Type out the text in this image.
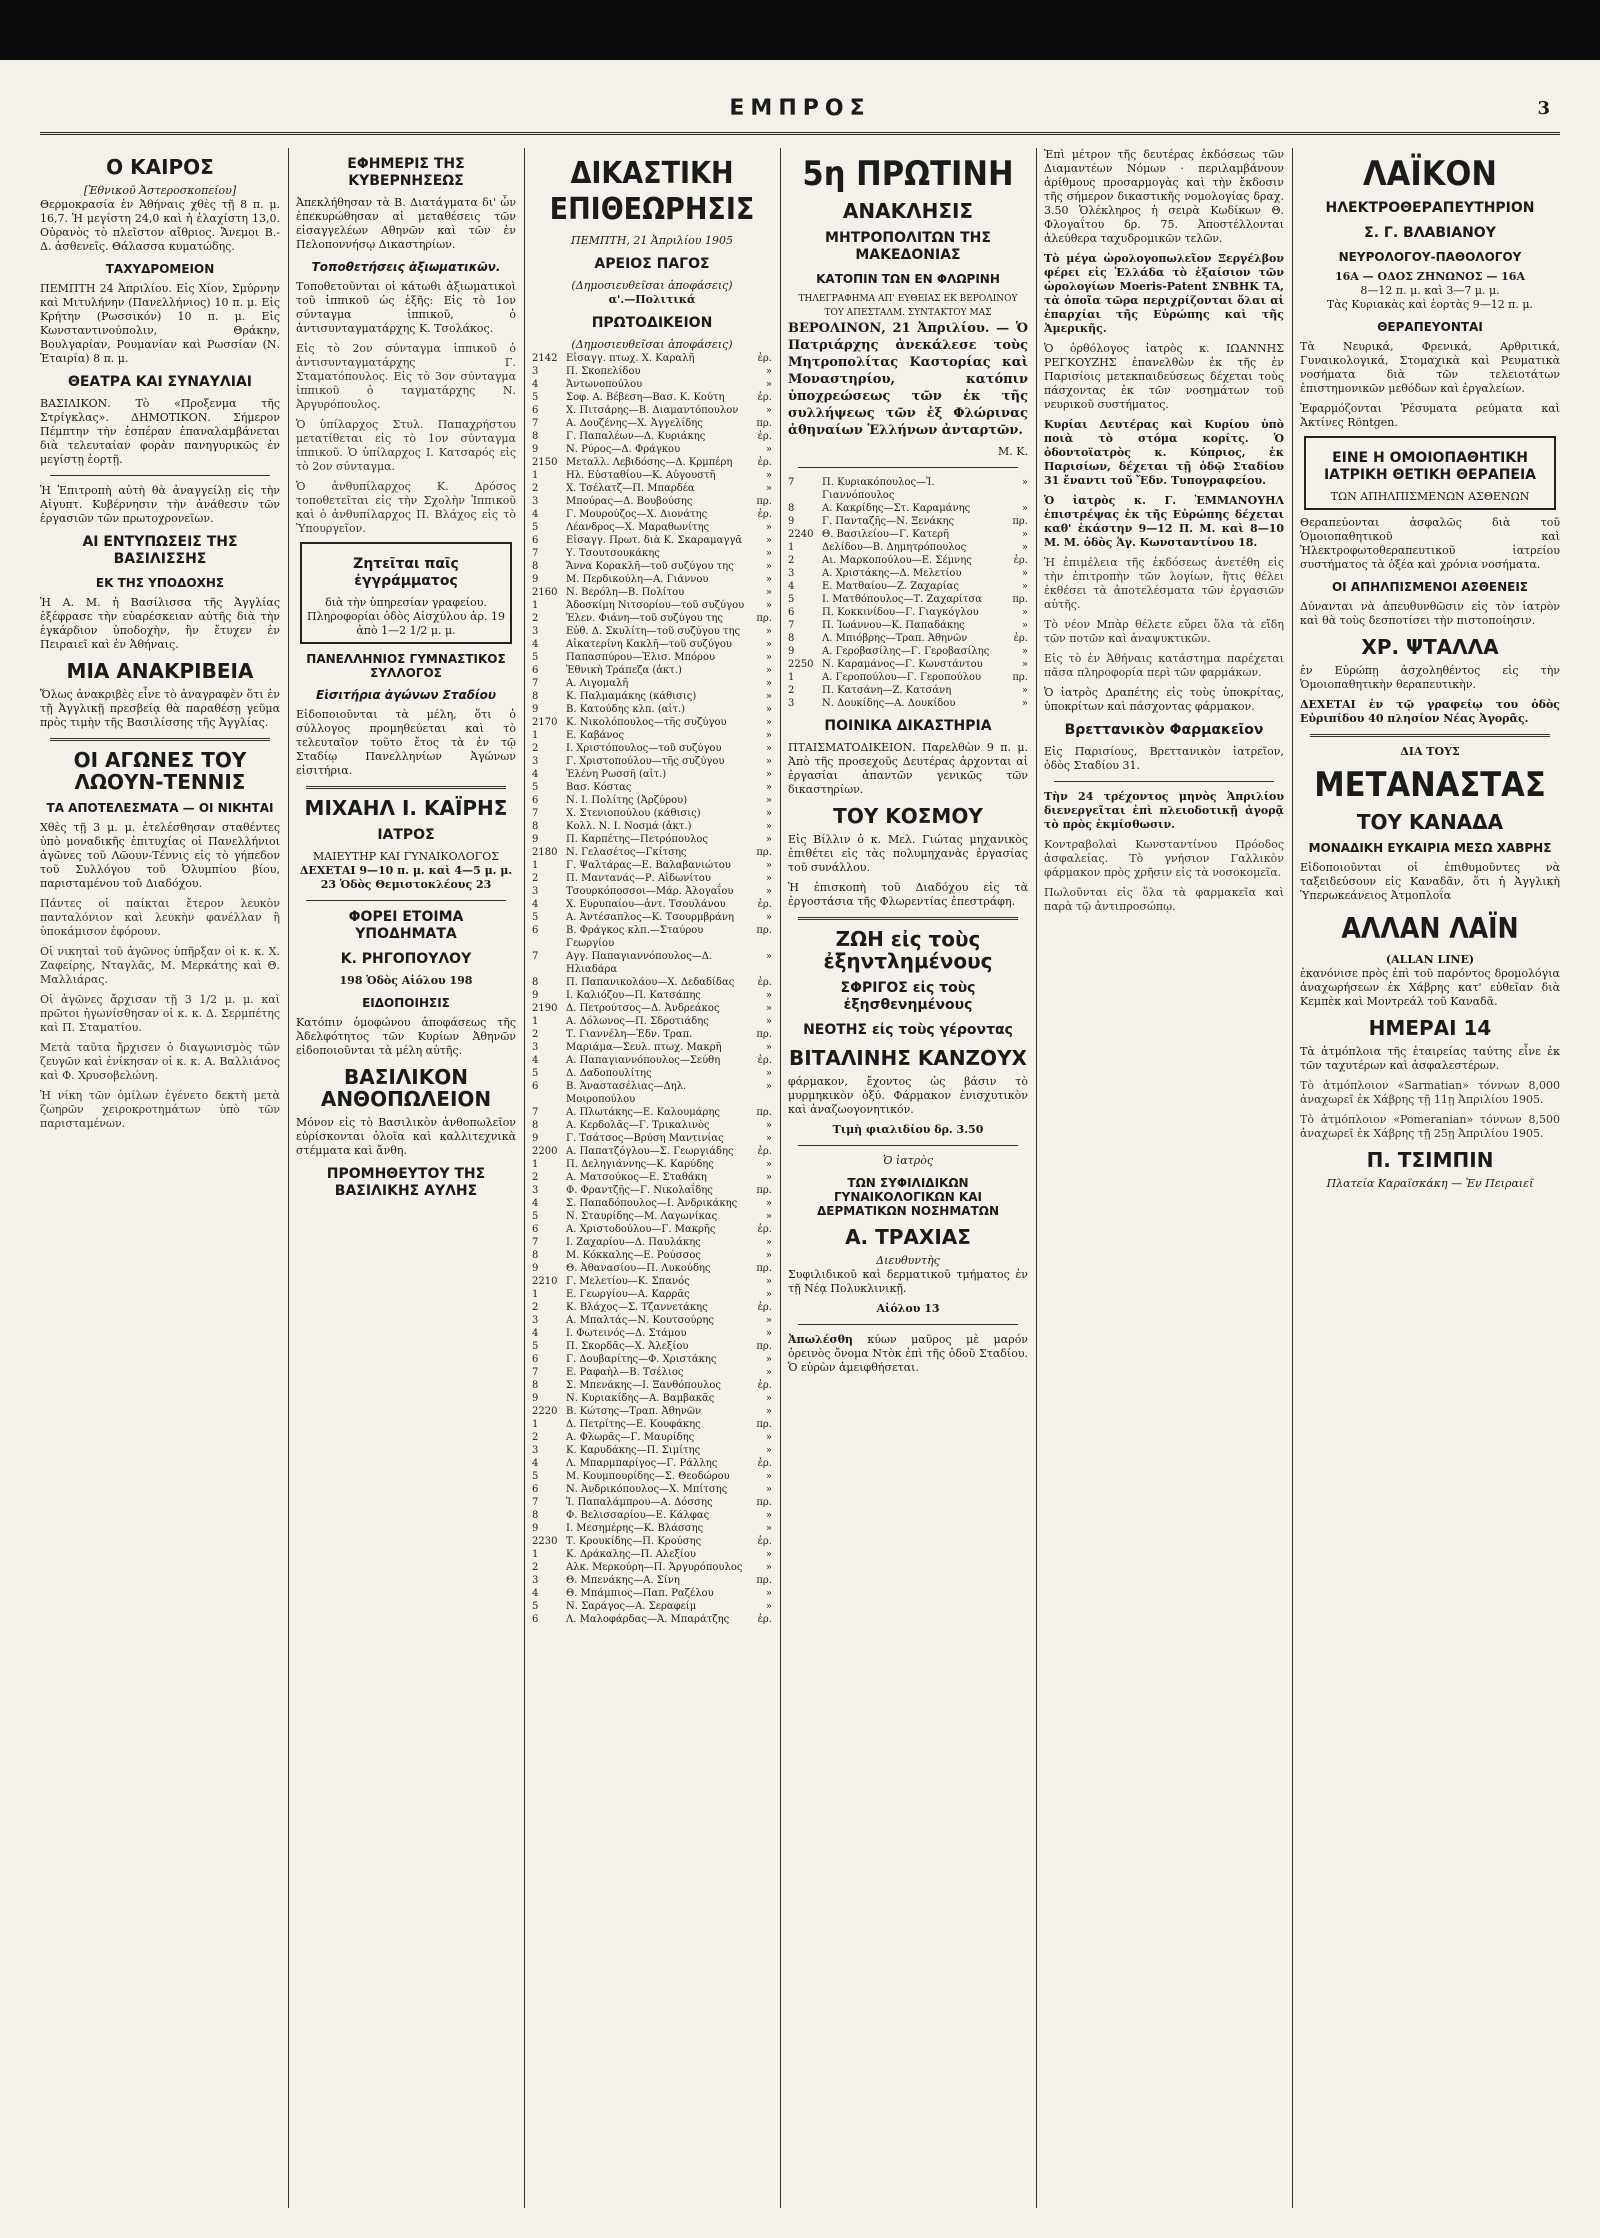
ΕΜΠΡΟΣ	3
Ο ΚΑΙΡΟΣ
[Ἐθνικοῦ Ἀστεροσκοπείου]

Θερμοκρασία ἐν Ἀθήναις χθὲς τῇ 8 π. μ. 16,7. Ἡ μεγίστη 24,0 καὶ ἡ ἐλαχίστη 13,0. Οὐρανὸς τὸ πλεῖστον αἴθριος. Ἄνεμοι Β.-Δ. ἀσθενεῖς. Θάλασσα κυματώδης.

ΤΑΧΥΔΡΟΜΕΙΟΝ

ΠΕΜΠΤΗ 24 Ἀπριλίου. Εἰς Χίον, Σμύρνην καὶ Μιτυλήνην (Πανελλήνιος) 10 π. μ. Εἰς Κρήτην (Ρωσσικόν) 10 π. μ. Εἰς Κωνσταντινούπολιν, Θράκην, Βουλγαρίαν, Ρουμανίαν καὶ Ρωσσίαν (Ν. Ἑταιρία) 8 π. μ.

ΘΕΑΤΡΑ ΚΑΙ ΣΥΝΑΥΛΙΑΙ

ΒΑΣΙΛΙΚΟΝ. Τὸ «Προξενμα τῆς Στρίγκλας». ΔΗΜΟΤΙΚΟΝ. Σήμερον Πέμπτην τὴν ἑσπέραν ἐπαναλαμβάνεται διὰ τελευταίαν φορὰν πανηγυρικῶς ἐν μεγίστῃ ἑορτῇ.

Ἡ Ἐπιτροπὴ αὐτὴ θὰ ἀναγγείλῃ εἰς τὴν Αἰγυπτ. Κυβέρνησιν τὴν ἀνάθεσιν τῶν ἐργασιῶν τῶν πρωτοχρονεῖων.

ΑΙ ΕΝΤΥΠΩΣΕΙΣ ΤΗΣ ΒΑΣΙΛΙΣΣΗΣ
ΕΚ ΤΗΣ ΥΠΟΔΟΧΗΣ

Ἡ Α. Μ. ἡ Βασίλισσα τῆς Ἀγγλίας ἐξέφρασε τὴν εὐαρέσκειαν αὐτῆς διὰ τὴν ἐγκάρδιον ὑποδοχὴν, ἣν ἔτυχεν ἐν Πειραιεῖ καὶ ἐν Ἀθήναις.

ΜΙΑ ΑΝΑΚΡΙΒΕΙΑ

Ὅλως ἀνακριβὲς εἶνε τὸ ἀναγραφὲν ὅτι ἐν τῇ Ἀγγλικῇ πρεσβείᾳ θὰ παραθέσῃ γεῦμα πρὸς τιμὴν τῆς Βασιλίσσης τῆς Ἀγγλίας.

ΟΙ ΑΓΩΝΕΣ ΤΟΥ ΛΩΟΥΝ-ΤΕΝΝΙΣ
ΤΑ ΑΠΟΤΕΛΕΣΜΑΤΑ — ΟΙ ΝΙΚΗΤΑΙ

Χθὲς τῇ 3 μ. μ. ἐτελέσθησαν σταθέντες ὑπὸ μοναδικῆς ἐπιτυχίας οἱ Πανελλήνιοι ἀγῶνες τοῦ Λῶουν-Τέννις εἰς τὸ γήπεδον τοῦ Συλλόγου τοῦ Ὀλυμπίου βίου, παρισταμένου τοῦ Διαδόχου.

Πάντες οἱ παίκται ἔτερον λευκὸν πανταλόνιον καὶ λευκὴν φανέλλαν ἢ ὑποκάμισον ἐφόρουν.

Οἱ νικηταὶ τοῦ ἀγῶνος ὑπῆρξαν οἱ κ. κ. Χ. Ζαφείρης, Νταγλᾶς, Μ. Μερκάτης καὶ Θ. Μαλλιάρας.

Οἱ ἀγῶνες ἄρχισαν τῇ 3 1/2 μ. μ. καὶ πρῶτοι ἠγωνίσθησαν οἱ κ. κ. Δ. Σερμπέτης καὶ Π. Σταματίου.

Μετὰ ταῦτα ἤρχισεν ὁ διαγωνισμὸς τῶν ζευγῶν καὶ ἐνίκησαν οἱ κ. κ. Α. Βαλλιάνος καὶ Φ. Χρυσοβελώνη.

Ἡ νίκη τῶν ὁμίλων ἐγένετο δεκτὴ μετὰ ζωηρῶν χειροκροτημάτων ὑπὸ τῶν παρισταμένων.

ΕΦΗΜΕΡΙΣ ΤΗΣ ΚΥΒΕΡΝΗΣΕΩΣ

Ἀπεκλήθησαν τὰ Β. Διατάγματα δι' ὧν ἐπεκυρώθησαν αἱ μεταθέσεις τῶν εἰσαγγελέων Αθηνῶν καὶ τῶν ἐν Πελοποννήσῳ Δικαστηρίων.

Τοποθετήσεις ἀξιωματικῶν.

Τοποθετοῦνται οἱ κάτωθι ἀξιωματικοὶ τοῦ ἱππικοῦ ὡς ἑξῆς: Εἰς τὸ 1ον σύνταγμα ἱππικοῦ, ὁ ἀντισυνταγματάρχης Κ. Τσολάκος.

Εἰς τὸ 2ον σύνταγμα ἱππικοῦ ὁ ἀντισυνταγματάρχης Γ. Σταματόπουλος. Εἰς τὸ 3ον σύνταγμα ἱππικοῦ ὁ ταγματάρχης Ν. Ἀργυρόπουλος.

Ὁ ὑπίλαρχος Στυλ. Παπαχρήστου μετατίθεται εἰς τὸ 1ον σύνταγμα ἱππικοῦ. Ὁ ὑπίλαρχος Ι. Κατσαρός εἰς τὸ 2ον σύνταγμα.

Ὁ ἀνθυπίλαρχος Κ. Δρόσος τοποθετεῖται εἰς τὴν Σχολὴν Ἱππικοῦ καὶ ὁ ἀνθυπίλαρχος Π. Βλάχος εἰς τὸ Ὑπουργεῖον.

Ζητεῖται παῖς ἐγγράμματος
διὰ τὴν ὑπηρεσίαν γραφείου. Πληροφορίαι ὁδὸς Αἰσχύλου ἀρ. 19 ἀπὸ 1—2 1/2 μ. μ.
ΠΑΝΕΛΛΗΝΙΟΣ ΓΥΜΝΑΣΤΙΚΟΣ ΣΥΛΛΟΓΟΣ
Εἰσιτήρια ἀγώνων Σταδίου

Εἰδοποιοῦνται τὰ μέλη, ὅτι ὁ σύλλογος προμηθεύεται καὶ τὸ τελευταῖον τοῦτο ἔτος τὰ ἐν τῷ Σταδίῳ Πανελληνίων Ἀγώνων εἰσιτήρια.

ΜΙΧΑΗΛ Ι. ΚΑΪΡΗΣ
ΙΑΤΡΟΣ
ΜΑΙΕΥΤΗΡ ΚΑΙ ΓΥΝΑΙΚΟΛΟΓΟΣ
ΔΕΧΕΤΑΙ 9—10 π. μ. καὶ 4—5 μ. μ.
23 Ὁδὸς Θεμιστοκλέους 23
ΦΟΡΕΙ ΕΤΟΙΜΑ ΥΠΟΔΗΜΑΤΑ
Κ. ΡΗΓΟΠΟΥΛΟΥ
198 Ὁδὸς Αἰόλου 198
ΕΙΔΟΠΟΙΗΣΙΣ

Κατόπιν ὁμοφώνου ἀποφάσεως τῆς Ἀδελφότητος τῶν Κυρίων Ἀθηνῶν εἰδοποιοῦνται τὰ μέλη αὐτῆς.

ΒΑΣΙΛΙΚΟΝ ΑΝΘΟΠΩΛΕΙΟΝ

Μόνον εἰς τὸ Βασιλικὸν ἀνθοπωλεῖον εὑρίσκονται ὁλοῖα καὶ καλλιτεχνικὰ στέμματα καὶ ἄνθη.

ΠΡΟΜΗΘΕΥΤΟΥ ΤΗΣ ΒΑΣΙΛΙΚΗΣ ΑΥΛΗΣ
ΔΙΚΑΣΤΙΚΗ ΕΠΙΘΕΩΡΗΣΙΣ
ΠΕΜΠΤΗ, 21 Ἀπριλίου 1905
ΑΡΕΙΟΣ ΠΑΓΟΣ
(Δημοσιευθεῖσαι ἀποφάσεις)
α'.—Πολιτικά
ΠΡΩΤΟΔΙΚΕΙΟΝ
(Δημοσιευθεῖσαι ἀποφάσεις)
2142 Εἰσαγγ. πτωχ. Χ. Καραλῆ	ἐρ.
3	Π. Σκοπελίδου	»
4	Ἀντωνοπούλου	»
5	Σοφ. Α. Βέβεση—Βασ. Κ. Κούτη	ἐρ.
6	Χ. Πιτσάρης—Β. Διαμαντόπουλον	»
7	Α. Δουζένης—Χ. Ἀγγελίδης	πρ.
8	Γ. Παπαλέων—Δ. Κυριάκης	ἐρ.
9	Ν. Ρύρος—Δ. Φράγκου	»
2150 Μεταλλ. Λεβιδόσης—Δ. Κρμπέρη	ἐρ.
1	Ηλ. Εὐσταθίου—Κ. Αὐγουστῆ	»
2	Χ. Τσέλατζ—Π. Μπαρδέα	»
3	Μπούρας—Δ. Βουβούσης	πρ.
4	Γ. Μουρούζος—Χ. Διονάτης	ἐρ.
5	Λέανδρος—Χ. Μαραθωνίτης	»
6	Εἰσαγγ. Πρωτ. διὰ Κ. Σκαραμαγγᾶ	»
7	Υ. Τσουτσουκάκης	»
8	Ἄννα Κορακλῆ—τοῦ συζύγου της	»
9	Μ. Περδικούλη—Α. Γιάννου	»
2160 Ν. Βερόλη—Β. Πολίτου	»
1	Ἀδοσκίμη Νιτσορίου—τοῦ συζύγου	»
2	Ἐλεν. Φιάνη—τοῦ συζύγου της	πρ.
3	Εὐθ. Δ. Σκυλίτη—τοῦ συζύγου της	»
4	Αἰκατερίνη Κακλῆ—τοῦ συζύγου	»
5	Παπασπύρου—Ἐλισ. Μπόρου	»
6	Ἐθνικὴ Τράπεζα (ἀκτ.)	»
7	Α. Λιγομαλῆ	»
8	Κ. Παλμαμάκης (κάθισις)	»
9	Β. Κατούδης κλπ. (αἰτ.)	»
2170 Κ. Νικολόπουλος—τῆς συζύγου	»
1	Ε. Καβάνος	»
2	Ι. Χριστόπουλος—τοῦ συζύγου	»
3	Γ. Χριστοπούλου—τῆς συζύγου	»
4	Ἐλένη Ρωσσῆ (αἰτ.)	»
5	Βασ. Κόστας	»
6	Ν. Ι. Πολίτης (Ἀρζύρου)	»
7	Χ. Στενιοπούλου (κάθισις)	»
8	Κολλ. Ν. Ι. Νοσμά (ἀκτ.)	»
9	Π. Καρπέτης—Πετρόπουλος	»
2180 Ν. Γελασέτος—Γκίτσης	πρ.
1	Γ. Ψαλτάρας—Ε. Βαλαβανιώτου	»
2	Π. Μαντανάς—Ρ. Αἰδωνίτου	»
3	Τσουρκόποσσοι—Μάρ. Ἀλογαΐου	»
4	Χ. Ευρυπαίου—ἀντ. Τσουλάνου	ἐρ.
5	Α. Ἀντέσαπλος—Κ. Τσουρμβράνη	»
6	Β. Φράγκος κλπ.—Σταύρου Γεωργίου
πρ.
7	Αγγ. Παπαγιαννόπουλος—Δ. Ηλιαδάρα
»
8	Π. Παπανικολάου—Χ. Δεδαδίδας	ἐρ.
9	Ι. Καλιόζου—Π. Κατσάπης	»
2190 Δ. Πετρούτσος—Δ. Ἀνδρεάκος	»
1	Α. Δόλωνος—Π. Σδροτιάδης	»
2	Τ. Γιαννέλη—Ἐδν. Τραπ.	πρ.
3	Μαριάμα—Σευλ. πτωχ. Μακρῆ	»
4	Α. Παπαγιαννόπουλος—Σεύθη	ἐρ.
5	Δ. Δαδοπουλίτης	»
6	Β. Ἀναστασέλιας—Δηλ. Μοιροπούλου
»
7	Α. Πλωτάκης—Ε. Καλουμάρης	πρ.
8	Α. Κερδολᾶς—Γ. Τρικαλινὸς	»
9	Γ. Τσάτσος—Βρύση Μαντινίας	»
2200 Α. Παπατζόγλου—Σ. Γεωργιάδης	ἐρ.
1	Π. Δεληγιάννης—Κ. Καρύδης	»
2	Α. Ματσούκος—Ε. Σταθάκη	»
3	Φ. Φραντζῆς—Γ. Νικολαΐδης	πρ.
4	Σ. Παπαδόπουλος—Ι. Ἀνδρικάκης	»
5	Ν. Σταυρίδης—Μ. Λαγωνίκας	»
6	Α. Χριστοδούλου—Γ. Μακρῆς	ἐρ.
7	Ι. Ζαχαρίου—Δ. Παυλάκης	»
8	Μ. Κόκκαλης—Ε. Ρούσσος	»
9	Θ. Ἀθανασίου—Π. Λυκούδης	πρ.
2210 Γ. Μελετίου—Κ. Σπανός	»
1	Ε. Γεωργίου—Α. Καρρᾶς	»
2	Κ. Βλάχος—Σ. Τζαννετάκης	ἐρ.
3	Α. Μπαλτάς—Ν. Κουτσούρης	»
4	Ι. Φωτεινός—Δ. Στάμου	»
5	Π. Σκορδᾶς—Χ. Ἀλεξίου	πρ.
6	Γ. Δουβαρίτης—Φ. Χριστάκης	»
7	Ε. Ραφαὴλ—Β. Τσέλιος	»
8	Σ. Μπενάκης—Ι. Ξανθόπουλος	ἐρ.
9	Ν. Κυριακίδης—Α. Βαμβακᾶς	»
2220 Β. Κώτσης—Τραπ. Ἀθηνῶν	»
1	Δ. Πετρίτης—Ε. Κουφάκης	πρ.
2	Α. Φλωρᾶς—Γ. Μαυρίδης	»
3	Κ. Καρυδάκης—Π. Σιμίτης	»
4	Λ. Μπαρμπαρίγος—Γ. Ράλλης	ἐρ.
5	Μ. Κουμπουρίδης—Σ. Θεοδώρου	»
6	Ν. Ἀνδρικόπουλος—Χ. Μπίτσης	»
7	Ἰ. Παπαλάμπρου—Α. Δόσσης	πρ.
8	Φ. Βελισσαρίου—Ε. Κάλφας	»
9	Ι. Μεσημέρης—Κ. Βλάσσης	»
2230 Τ. Κρουκίδης—Π. Κρούσης	ἐρ.
1	Κ. Δράκαλης—Π. Αλεξίου	»
2	Αλκ. Μερκούρη—Π. Ἀργυρόπουλος	»
3	Θ. Μπενάκης—Α. Σίνη	πρ.
4	Θ. Μπάμπιος—Παπ. Ραζέλου	»
5	Ν. Σαράγος—Α. Σεραφείμ	»
6	Λ. Μαλοφάρδας—Ἀ. Μπαράτζης	ἐρ.
5η ΠΡΩΤΙΝΗ
ΑΝΑΚΛΗΣΙΣ
ΜΗΤΡΟΠΟΛΙΤΩΝ ΤΗΣ ΜΑΚΕΔΟΝΙΑΣ
ΚΑΤΟΠΙΝ ΤΩΝ ΕΝ ΦΛΩΡΙΝΗ
ΤΗΛΕΓΡΑΦΗΜΑ ΑΠ' ΕΥΘΕΙΑΣ ΕΚ ΒΕΡΟΛΙΝΟΥ
ΤΟΥ ΑΠΕΣΤΑΛΜ. ΣΥΝΤΑΚΤΟΥ ΜΑΣ

ΒΕΡΟΛΙΝΟΝ, 21 Ἀπριλίου. — Ὁ Πατριάρχης ἀνεκάλεσε τοὺς Μητροπολίτας Καστορίας καὶ Μοναστηρίου, κατόπιν ὑποχρεώσεως τῶν ἐκ τῆς συλλήψεως τῶν ἐξ Φλώρινας ἀθηναίων Ἑλλήνων ἀνταρτῶν.

Μ. Κ.
7	Π. Κυριακόπουλος—Ἰ. Γιαννόπουλος
»
8	Α. Κακρίδης—Στ. Καραμάνης	»
9	Γ. Πανταζῆς—Ν. Ξενάκης	πρ.
2240 Θ. Βασιλείου—Γ. Κατερῆ	»
1	Δελίδου—Β. Δημητρόπουλος	»
2	Αι. Μαρκοπούλου—Ε. Σέμνης	ἐρ.
3	Α. Χριστάκης—Δ. Μελετίου	»
4	Ε. Ματθαίου—Ζ. Ζαχαρίας	»
5	Ι. Ματθόπουλος—Τ. Ζαχαρίτσα	πρ.
6	Π. Κοκκινίδου—Γ. Γιαγκόγλου	»
7	Π. Ἰωάννου—Κ. Παπαδάκης	»
8	Λ. Μπιόβρης—Τραπ. Ἀθηνῶν	ἐρ.
9	Α. Γεροβασίλης—Γ. Γεροβασίλης	»
2250 Ν. Καραμάνος—Γ. Κωνστάντου	»
1	Α. Γεροπούλου—Γ. Γεροπούλου	πρ.
2	Π. Κατσάνη—Ζ. Κατσάνη	»
3	Ν. Δουκίδης—Α. Δουκίδου	»
ΠΟΙΝΙΚΑ ΔΙΚΑΣΤΗΡΙΑ

ΠΤΑΙΣΜΑΤΟΔΙΚΕΙΟΝ. Παρελθὼν 9 π. μ. Ἀπὸ τῆς προσεχοῦς Δευτέρας ἀρχονται αἱ ἐργασίαι ἀπαντῶν γενικῶς τῶν δικαστηρίων.

ΤΟΥ ΚΟΣΜΟΥ

Εἰς Βίλλιν ὁ κ. Μελ. Γιώτας μηχανικὸς ἐπιθέτει εἰς τὰς πολυμηχανὰς ἐργασίας τοῦ συνάλλου.

Ἡ ἐπισκοπὴ τοῦ Διαδόχου εἰς τὰ ἐργοστάσια τῆς Φλωρεντίας ἐπεστράφη.

ΖΩΗ εἰς τοὺς ἐξηντλημένους
ΣΦΡΙΓΟΣ εἰς τοὺς ἐξησθενημένους
ΝΕΟΤΗΣ εἰς τοὺς γέροντας
ΒΙΤΑΛΙΝΗΣ ΚΑΝΖΟΥΧ

φάρμακον, ἔχοντος ὡς βάσιν τὸ μυρμηκικὸν ὀξύ. Φάρμακον ἐνισχυτικὸν καὶ ἀναζωογονητικόν.

Τιμὴ φιαλιδίου δρ. 3.50
Ὁ ἰατρὸς
ΤΩΝ ΣΥΦΙΛΙΔΙΚΩΝ ΓΥΝΑΙΚΟΛΟΓΙΚΩΝ ΚΑΙ ΔΕΡΜΑΤΙΚΩΝ ΝΟΣΗΜΑΤΩΝ
Α. ΤΡΑΧΙΑΣ
Διευθυντὴς

Συφιλιδικοῦ καὶ δερματικοῦ τμήματος ἐν τῇ Νέᾳ Πολυκλινικῇ.

Αἰόλου 13

Ἀπωλέσθη κύων μαῦρος μὲ μαρόν ὀρεινὸς ὄνομα Ντὸκ ἐπὶ τῆς ὁδοῦ Σταδίου. Ὁ εὑρὼν ἀμειφθήσεται.

Ἐπὶ μέτρον τῆς δευτέρας ἐκδόσεως τῶν Διαμαντέων Νόμων · περιλαμβάνουν ἀρίθμους προσαρμογὰς καὶ τὴν ἔκδοσιν τῆς σήμερον δικαστικῆς νομολογίας δραχ. 3.50 Ὁλέκληρος ἡ σειρὰ Κωδίκων Θ. Φλογαΐτου δρ. 75. Ἀποστέλλονται ἀλεύθερα ταχυδρομικῶν τελῶν.

Τὸ μέγα ὡρολογοπωλεῖον Ξεργέλβον φέρει εἰς Ἑλλάδα τὸ ἐξαίσιον τῶν ὡρολογίων Moeris-Patent ΣΝΒΗΚ ΤΑ, τὰ ὁποῖα τῶρα περιχρίζονται ὅλαι αἱ ἐπαρχίαι τῆς Εὐρώπης καὶ τῆς Ἀμερικῆς.

Ὁ ὀρθόλογος ἰατρὸς κ. ΙΩΑΝΝΗΣ ΡΕΓΚΟΥΖΗΣ ἐπανελθὼν ἐκ τῆς ἐν Παρισίοις μετεκπαιδεύσεως δέχεται τοὺς πάσχοντας ἐκ τῶν νοσημάτων τοῦ νευρικοῦ συστήματος.

Κυρίαι Δευτέρας καὶ Κυρίου ὑπὸ ποιὰ τὸ στόμα κορίτς. Ὁ ὀδοντοϊατρὸς κ. Κύπριος, ἐκ Παρισίων, δέχεται τῇ ὀδῷ Σταδίου 31 ἔναντι τοῦ Ἔδν. Τυπογραφείου.

Ὁ ἰατρὸς κ. Γ. ἘΜΜΑΝΟΥΗΛ ἐπιστρέψας ἐκ τῆς Εὐρώπης δέχεται καθ' ἑκάστην 9—12 Π. Μ. καὶ 8—10 Μ. Μ. ὁδὸς Ἁγ. Κωνσταντίνου 18.

Ἡ ἐπιμέλεια τῆς ἐκδόσεως ἀνετέθη εἰς τὴν ἐπιτροπὴν τῶν λογίων, ἥτις θέλει ἐκθέσει τὰ ἀποτελέσματα τῶν ἐργασιῶν αὐτῆς.

Τὸ νέον Μπὰρ θέλετε εὕρει ὅλα τὰ εἴδη τῶν ποτῶν καὶ ἀναψυκτικῶν.

Εἰς τὸ ἐν Ἀθήναις κατάστημα παρέχεται πᾶσα πληροφορία περὶ τῶν φαρμάκων.

Ὁ ἰατρὸς Δραπέτης εἰς τοὺς ὑποκρίτας, ὑποκρίτων καὶ πάσχοντας φάρμακον.

Βρεττανικὸν Φαρμακεῖον

Εἰς Παρισίους, Βρεττανικὸν ἰατρεῖον, ὁδὸς Σταδίου 31.

Τὴν 24 τρέχοντος μηνὸς Ἀπριλίου διενεργεῖται ἐπὶ πλειοδοτικῇ ἀγορᾷ τὸ πρὸς ἐκμίσθωσιν.

Κοντραβολαὶ Κωνσταντίνου Πρόοδος ἀσφαλείας. Τὸ γνήσιον Γαλλικὸν φάρμακον πρὸς χρῆσιν εἰς τὰ νοσοκομεῖα.

Πωλοῦνται εἰς ὅλα τὰ φαρμακεῖα καὶ παρὰ τῷ ἀντιπροσώπῳ.

ΛΑΪΚΟΝ
ΗΛΕΚΤΡΟΘΕΡΑΠΕΥΤΗΡΙΟΝ
Σ. Γ. ΒΛΑΒΙΑΝΟΥ
ΝΕΥΡΟΛΟΓΟΥ-ΠΑΘΟΛΟΓΟΥ
16Α — ΟΔΟΣ ΖΗΝΩΝΟΣ — 16Α
8—12 π. μ. καὶ 3—7 μ. μ.
Τὰς Κυριακὰς καὶ ἑορτὰς 9—12 π. μ.
ΘΕΡΑΠΕΥΟΝΤΑΙ

Τὰ Νευρικά, Φρενικά, Αρθριτικά, Γυναικολογικά, Στομαχικὰ καὶ Ρευματικὰ νοσήματα διὰ τῶν τελειοτάτων ἐπιστημονικῶν μεθόδων καὶ ἐργαλείων.

Ἐφαρμόζονται Ῥέσυματα ρεύματα καὶ Ἀκτίνες Röntgen.

ΕΙΝΕ Η ΟΜΟΙΟΠΑΘΗΤΙΚΗ ΙΑΤΡΙΚΗ ΘΕΤΙΚΗ ΘΕΡΑΠΕΙΑ
ΤΩΝ ΑΠΗΛΠΙΣΜΕΝΩΝ ΑΣΘΕΝΩΝ

Θεραπεύονται ἀσφαλῶς διὰ τοῦ Ὁμοιοπαθητικοῦ καὶ Ἠλεκτροφωτοθεραπευτικοῦ ἰατρείου συστήματος τὰ ὀξέα καὶ χρόνια νοσήματα.

ΟΙ ΑΠΗΛΠΙΣΜΕΝΟΙ ΑΣΘΕΝΕΙΣ

Δύνανται νὰ ἀπευθυνθῶσιν εἰς τὸν ἰατρὸν καὶ θὰ τοὺς δεσποτίσει τὴν πιστοποίησιν.

ΧΡ. ΨΤΑΛΛΑ

ἐν Εὐρώπῃ ἀσχοληθέντος εἰς τὴν Ὁμοιοπαθητικὴν θεραπευτικὴν.

ΔΕΧΕΤΑΙ ἐν τῷ γραφείῳ του ὁδὸς Εὐριπίδου 40 πλησίον Νέας Ἀγορᾶς.

ΔΙΑ ΤΟΥΣ
ΜΕΤΑΝΑΣΤΑΣ
ΤΟΥ ΚΑΝΑΔΑ
ΜΟΝΑΔΙΚΗ ΕΥΚΑΙΡΙΑ ΜΕΣΩ ΧΑΒΡΗΣ

Εἰδοποιοῦνται οἱ ἐπιθυμοῦντες νὰ ταξειδεύσουν εἰς Καναδᾶν, ὅτι ἡ Ἀγγλικὴ Ὑπερωκεάνειος Ἀτμοπλοΐα

ΑΛΛΑΝ ΛΑΪΝ
(ALLAN LINE)

ἐκανόνισε πρὸς ἐπὶ τοῦ παρόντος δρομολόγια ἀναχωρήσεων ἐκ Χάβρης κατ' εὐθεῖαν διὰ Κεμπὲκ καὶ Μοντρεάλ τοῦ Καναδᾶ.

ΗΜΕΡΑΙ 14

Τὰ ἀτμόπλοια τῆς ἐταιρείας ταύτης εἶνε ἐκ τῶν ταχυτέρων καὶ ἀσφαλεστέρων.

Τὸ ἀτμόπλοιον «Sarmatian» τόννων 8,000 ἀναχωρεῖ ἐκ Χάβρης τῇ 11ῃ Ἀπριλίου 1905.

Τὸ ἀτμόπλοιον «Pomeranian» τόννων 8,500 ἀναχωρεῖ ἐκ Χάβρης τῇ 25ῃ Ἀπριλίου 1905.

Π. ΤΣΙΜΠΙΝ
Πλατεία Καραϊσκάκη — Ἐν Πειραιεῖ
